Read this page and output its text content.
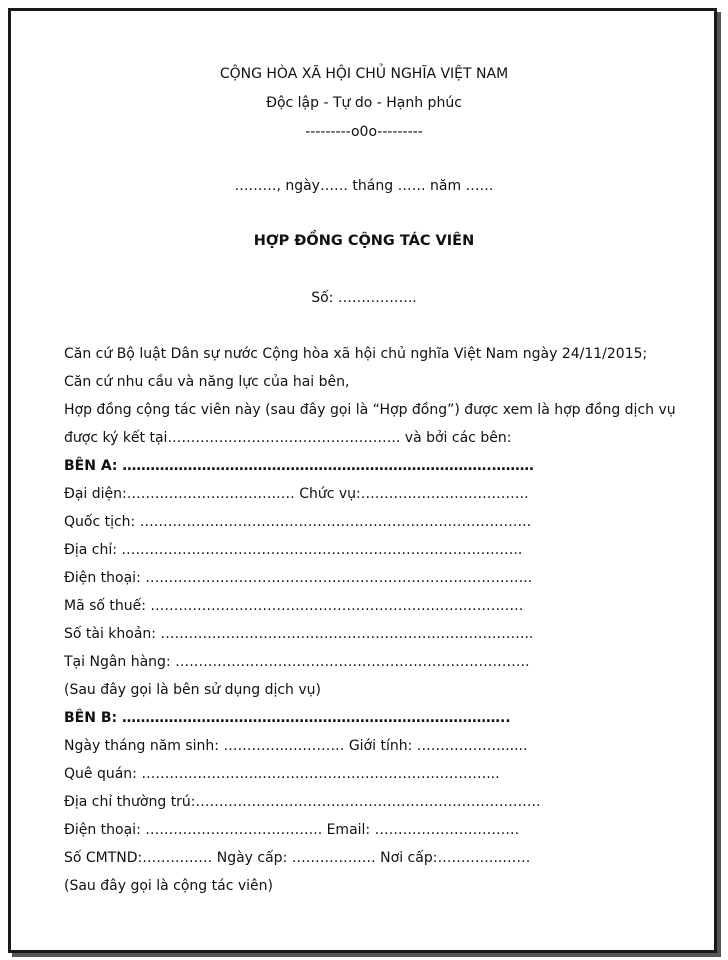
CỘNG HÒA XÃ HỘI CHỦ NGHĨA VIỆT NAM
Độc lập - Tự do - Hạnh phúc
---------o0o---------
………, ngày…… tháng …… năm ……
HỢP ĐỒNG CỘNG TÁC VIÊN
Số: ……………..
Căn cứ Bộ luật Dân sự nước Cộng hòa xã hội chủ nghĩa Việt Nam ngày 24/11/2015;
Căn cứ nhu cầu và năng lực của hai bên,
Hợp đồng cộng tác viên này (sau đây gọi là “Hợp đồng”) được xem là hợp đồng dịch vụ
được ký kết tại………………………………………….. và bởi các bên:
BÊN A: …………………………………………………………………….………
Đại diện:……………………………… Chức vụ:………………………………
Quốc tịch: ………………………………………………………….……………..
Địa chỉ: …………………………………………………………………………..
Điện thoại: ………………………………………………………………………..
Mã số thuế: …………………………………………………………..…………
Số tài khoản: ……………………………………………………………………..
Tại Ngân hàng: ………………………………………………………………….
(Sau đây gọi là bên sử dụng dịch vụ)
BÊN B: ………………………………………………………………………..
Ngày tháng năm sinh: …………..………… Giới tính: ………………......
Quê quán: ……………………..…………………………………………...
Địa chỉ thường trú:………………………………………………………………..
Điện thoại: ……………………………….. Email: ………………………….
Số CMTND:…………… Ngày cấp: ……………… Nơi cấp:…………..……
(Sau đây gọi là cộng tác viên)
